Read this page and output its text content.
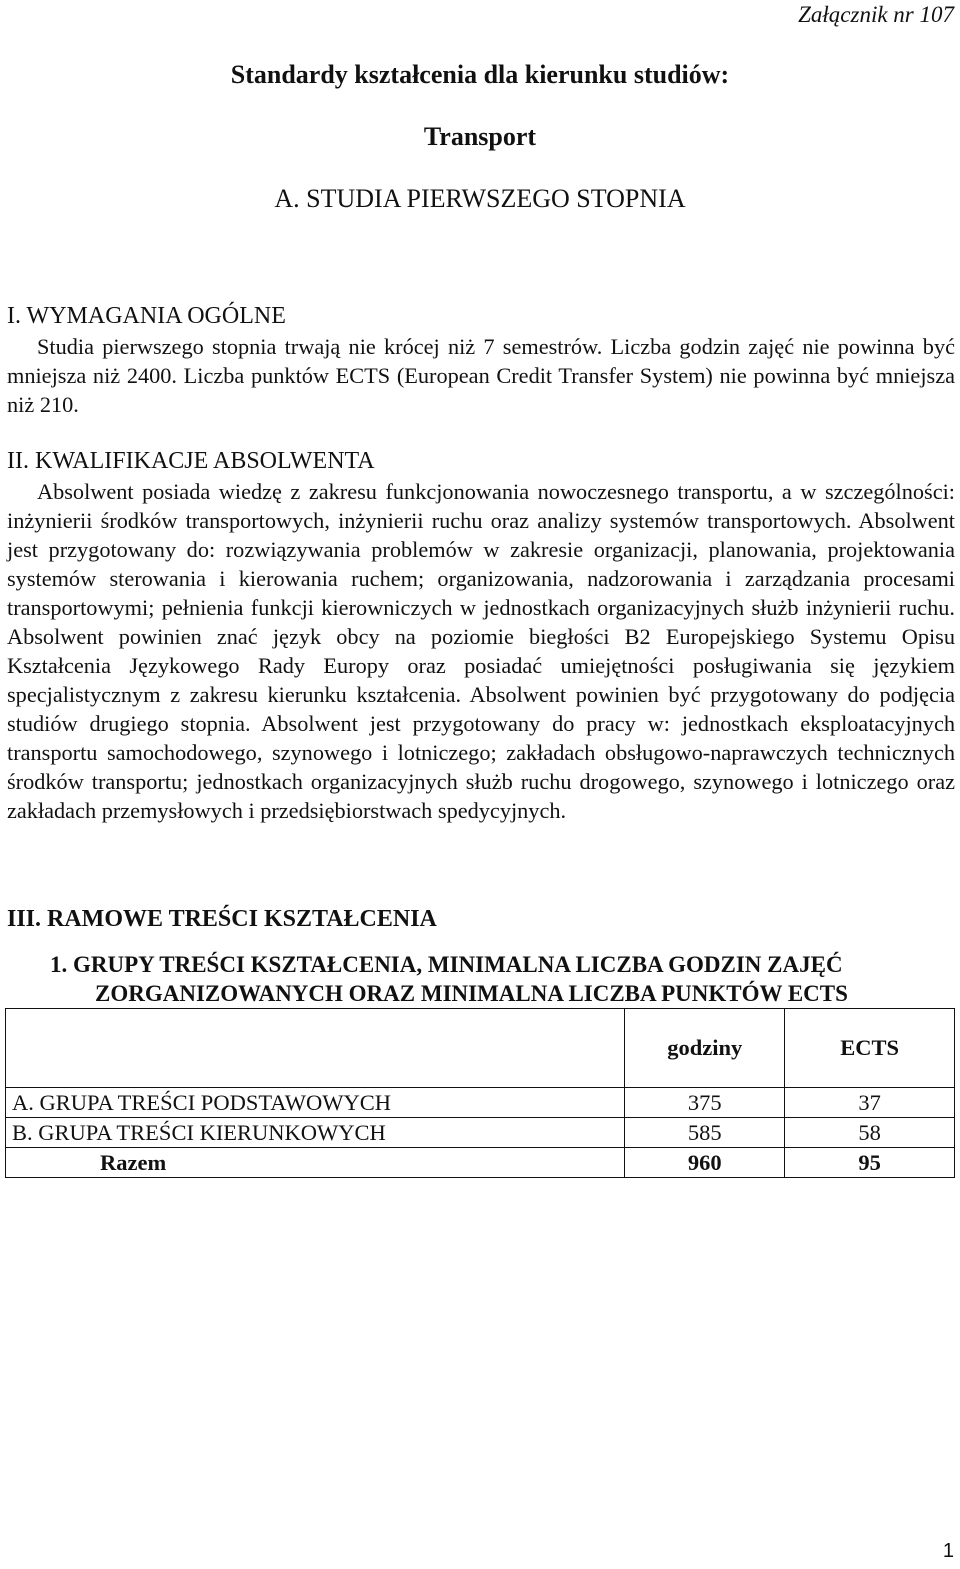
Załącznik nr 107
Standardy kształcenia dla kierunku studiów:
Transport
A. STUDIA PIERWSZEGO STOPNIA
I. WYMAGANIA OGÓLNE
Studia pierwszego stopnia trwają nie krócej niż 7 semestrów. Liczba godzin zajęć nie powinna być mniejsza niż 2400. Liczba punktów ECTS (European Credit Transfer System) nie powinna być mniejsza niż 210.
II. KWALIFIKACJE ABSOLWENTA
Absolwent posiada wiedzę z zakresu funkcjonowania nowoczesnego transportu, a w szczególności: inżynierii środków transportowych, inżynierii ruchu oraz analizy systemów transportowych. Absolwent jest przygotowany do: rozwiązywania problemów w zakresie organizacji, planowania, projektowania systemów sterowania i kierowania ruchem; organizowania, nadzorowania i zarządzania procesami transportowymi; pełnienia funkcji kierowniczych w jednostkach organizacyjnych służb inżynierii ruchu. Absolwent powinien znać język obcy na poziomie biegłości B2 Europejskiego Systemu Opisu Kształcenia Językowego Rady Europy oraz posiadać umiejętności posługiwania się językiem specjalistycznym z zakresu kierunku kształcenia. Absolwent powinien być przygotowany do podjęcia studiów drugiego stopnia. Absolwent jest przygotowany do pracy w: jednostkach eksploatacyjnych transportu samochodowego, szynowego i lotniczego; zakładach obsługowo-naprawczych technicznych środków transportu; jednostkach organizacyjnych służb ruchu drogowego, szynowego i lotniczego oraz zakładach przemysłowych i przedsiębiorstwach spedycyjnych.
III. RAMOWE TREŚCI KSZTAŁCENIA
1. GRUPY TREŚCI KSZTAŁCENIA, MINIMALNA LICZBA GODZIN ZAJĘĆ
ZORGANIZOWANYCH ORAZ MINIMALNA LICZBA PUNKTÓW ECTS
	godziny	ECTS
A. GRUPA TREŚCI PODSTAWOWYCH	375	37
B. GRUPA TREŚCI KIERUNKOWYCH	585	58
Razem	960	95
1
